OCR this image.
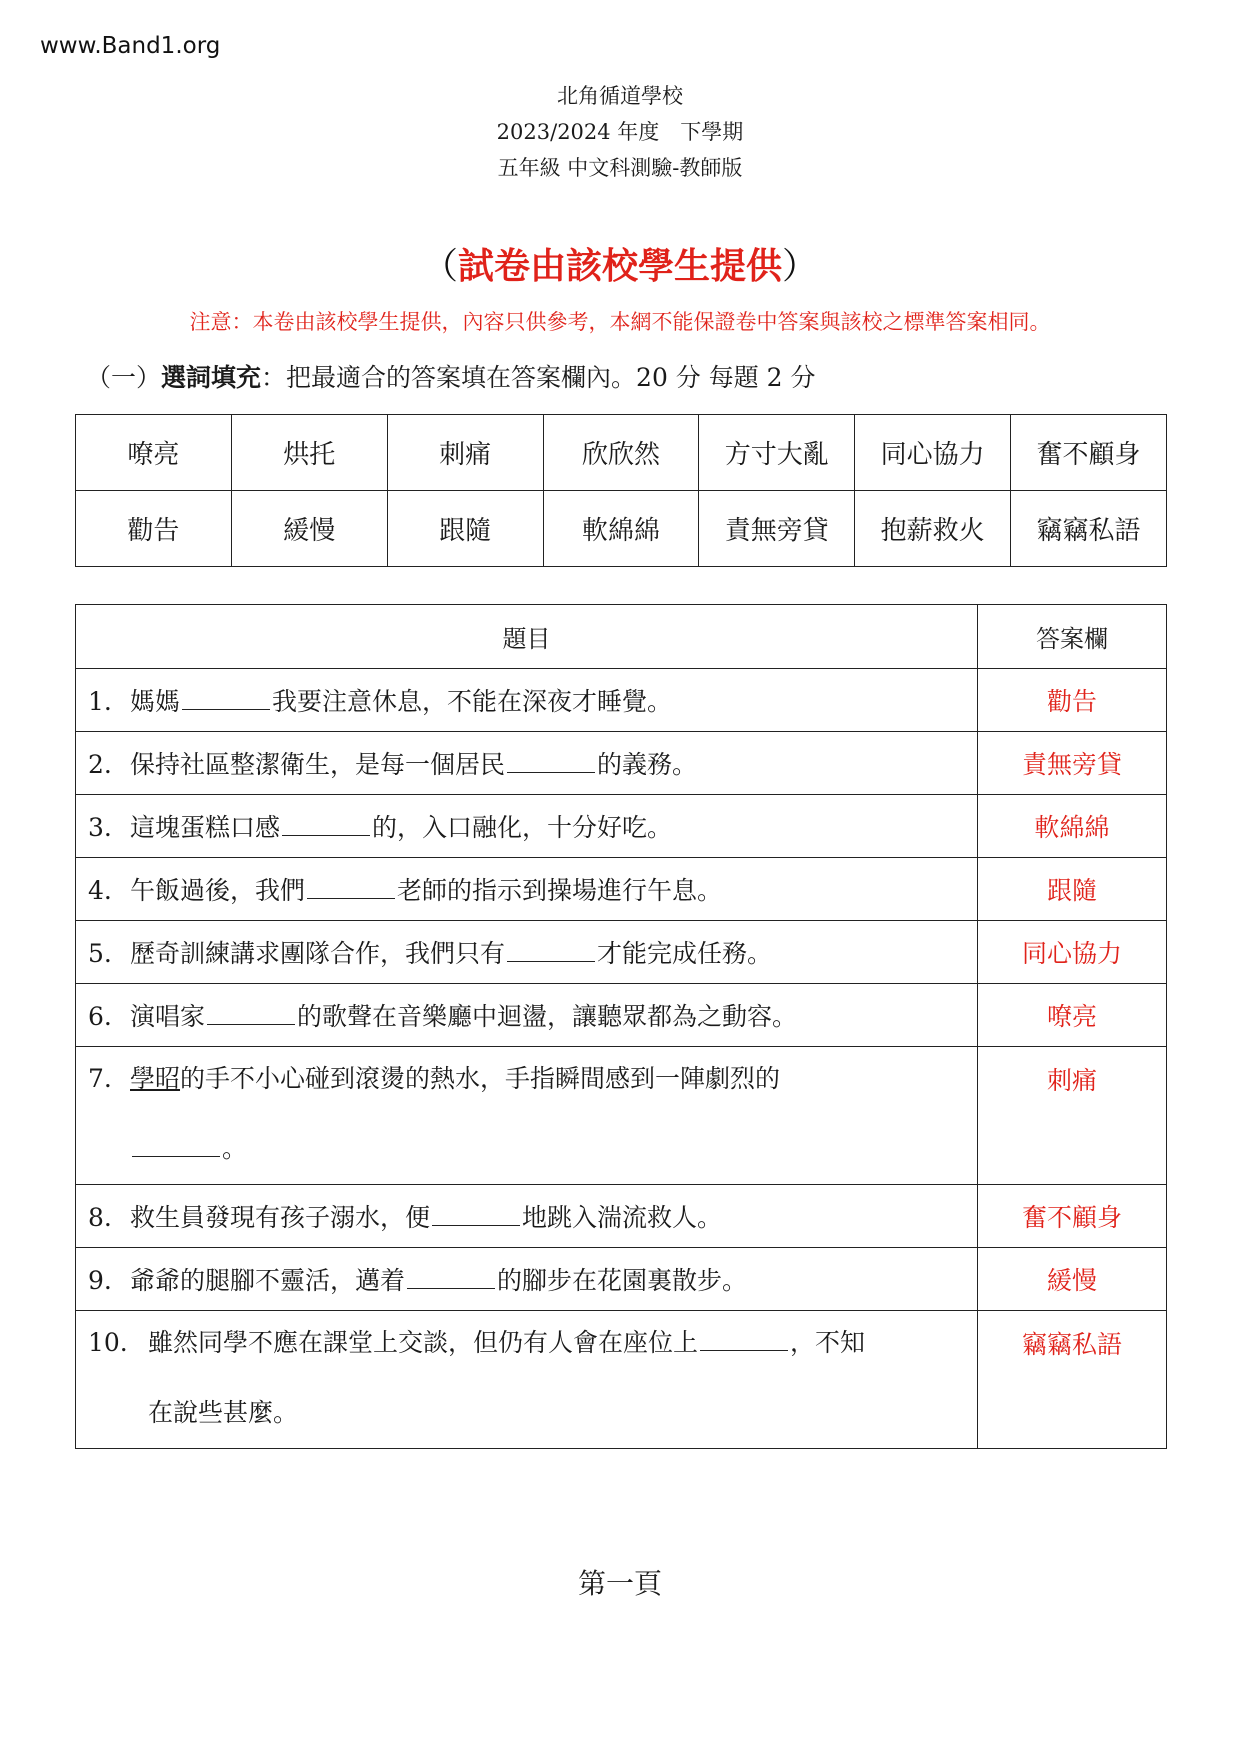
www.Band1.org
北角循道學校
2023/2024 年度　下學期
五年級 中文科測驗-教師版
（試卷由該校學生提供）
注意：本卷由該校學生提供，內容只供參考，本網不能保證卷中答案與該校之標準答案相同。
（一）選詞填充：把最適合的答案填在答案欄內。20 分 每題 2 分
嘹亮	烘托	刺痛	欣欣然	方寸大亂	同心協力	奮不顧身
勸告	緩慢	跟隨	軟綿綿	責無旁貸	抱薪救火	竊竊私語
題目	答案欄
1. 媽媽 我要注意休息，不能在深夜才睡覺。	勸告
2. 保持社區整潔衛生，是每一個居民 的義務。	責無旁貸
3. 這塊蛋糕口感 的，入口融化，十分好吃。	軟綿綿
4. 午飯過後，我們 老師的指示到操場進行午息。	跟隨
5. 歷奇訓練講求團隊合作，我們只有 才能完成任務。	同心協力
6. 演唱家 的歌聲在音樂廳中迴盪，讓聽眾都為之動容。	嘹亮
7. 學昭的手不小心碰到滾燙的熱水，手指瞬間感到一陣劇烈的
。	刺痛
8. 救生員發現有孩子溺水，便 地跳入湍流救人。	奮不顧身
9. 爺爺的腿腳不靈活，邁着 的腳步在花園裏散步。	緩慢
10. 雖然同學不應在課堂上交談，但仍有人會在座位上 ，不知
在說些甚麼。	竊竊私語
第一頁
